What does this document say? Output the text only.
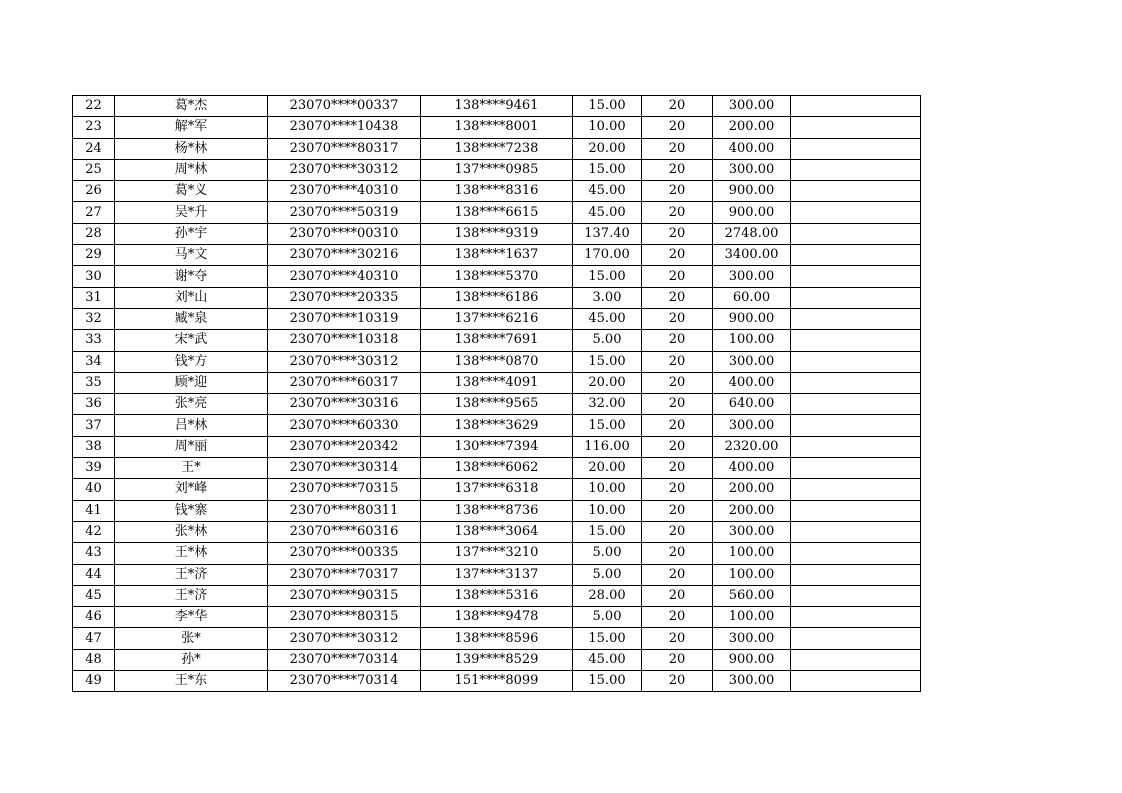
22	葛*杰	23070****00337	138****9461	15.00	20	300.00	
23	解*军	23070****10438	138****8001	10.00	20	200.00	
24	杨*林	23070****80317	138****7238	20.00	20	400.00	
25	周*林	23070****30312	137****0985	15.00	20	300.00	
26	葛*义	23070****40310	138****8316	45.00	20	900.00	
27	吴*升	23070****50319	138****6615	45.00	20	900.00	
28	孙*宇	23070****00310	138****9319	137.40	20	2748.00	
29	马*文	23070****30216	138****1637	170.00	20	3400.00	
30	谢*夺	23070****40310	138****5370	15.00	20	300.00	
31	刘*山	23070****20335	138****6186	3.00	20	60.00	
32	臧*泉	23070****10319	137****6216	45.00	20	900.00	
33	宋*武	23070****10318	138****7691	5.00	20	100.00	
34	钱*方	23070****30312	138****0870	15.00	20	300.00	
35	顾*迎	23070****60317	138****4091	20.00	20	400.00	
36	张*亮	23070****30316	138****9565	32.00	20	640.00	
37	吕*林	23070****60330	138****3629	15.00	20	300.00	
38	周*丽	23070****20342	130****7394	116.00	20	2320.00	
39	王*	23070****30314	138****6062	20.00	20	400.00	
40	刘*峰	23070****70315	137****6318	10.00	20	200.00	
41	钱*寨	23070****80311	138****8736	10.00	20	200.00	
42	张*林	23070****60316	138****3064	15.00	20	300.00	
43	王*林	23070****00335	137****3210	5.00	20	100.00	
44	王*济	23070****70317	137****3137	5.00	20	100.00	
45	王*济	23070****90315	138****5316	28.00	20	560.00	
46	李*华	23070****80315	138****9478	5.00	20	100.00	
47	张*	23070****30312	138****8596	15.00	20	300.00	
48	孙*	23070****70314	139****8529	45.00	20	900.00	
49	王*东	23070****70314	151****8099	15.00	20	300.00	
